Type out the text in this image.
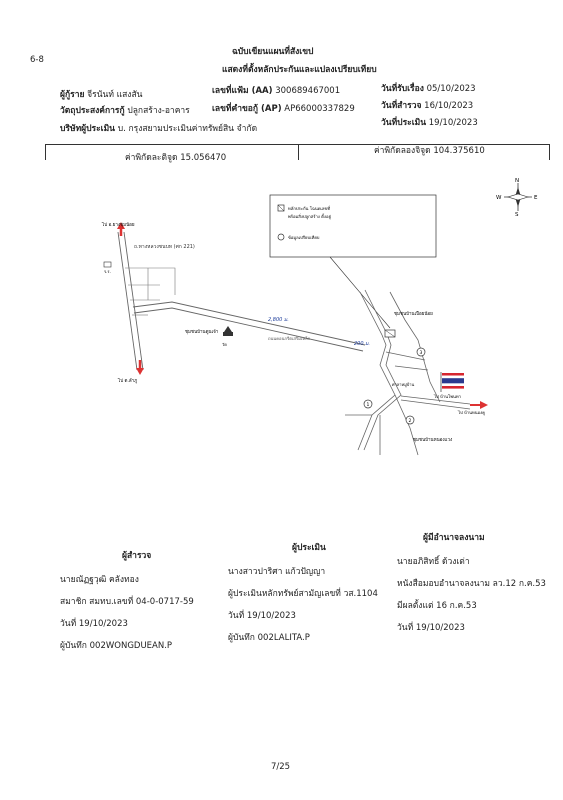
6-8
ฉบับเขียนแผนที่สังเขป
แสดงที่ตั้งหลักประกันและแปลงเปรียบเทียบ
ผู้กู้ราย จีรนันท์ แสงสัน
วัตถุประสงค์การกู้ ปลูกสร้าง-อาคาร
บริษัทผู้ประเมิน บ. กรุงสยามประเมินค่าทรัพย์สิน จำกัด
เลขที่แฟ้ม (AA) 300689467001
เลขที่คำขอกู้ (AP) AP66000337829
วันที่รับเรื่อง 05/10/2023
วันที่สำรวจ 16/10/2023
วันที่ประเมิน 19/10/2023
ค่าพิกัดละติจูด 15.056470
ค่าพิกัดลองจิจูด 104.375610
N
S
E
W
หลักประกัน โฉนดเลขที่
พร้อมสิ่งปลูกสร้าง ตั้งอยู่
ข้อมูลเปรียบเทียบ
ไป อ.ยางชุมน้อย
ถ.ทางหลวงชนบท (ศก 221)
ไป ต.ลำภู
ร.ร.
ชุมชนบ้านดูนเจ้า
วัด
2,800 ม.
ถนนคอนกรีตเสริมเหล็ก
200 ม.
ชุมชนบ้านเปือยน้อย
ศาลาหมู่บ้าน
ชุมชนบ้านหนองแวง
1
2
3
ไป บ้านโพนทา
ไป บ้านหนองคู
ผู้สำรวจ
นายณัฏฐวุฒิ คลังทอง
สมาชิก สมทบ.เลขที่ 04-0-0717-59
วันที่ 19/10/2023
ผู้บันทึก 002WONGDUEAN.P
ผู้ประเมิน
นางสาวปาริศา แก้วปัญญา
ผู้ประเมินหลักทรัพย์สามัญเลขที่ วส.1104
วันที่ 19/10/2023
ผู้บันทึก 002LALITA.P
ผู้มีอำนาจลงนาม
นายอภิสิทธิ์ ด้วงเต่า
หนังสือมอบอำนาจลงนาม ลว.12 ก.ค.53
มีผลตั้งแต่ 16 ก.ค.53
วันที่ 19/10/2023
7/25
